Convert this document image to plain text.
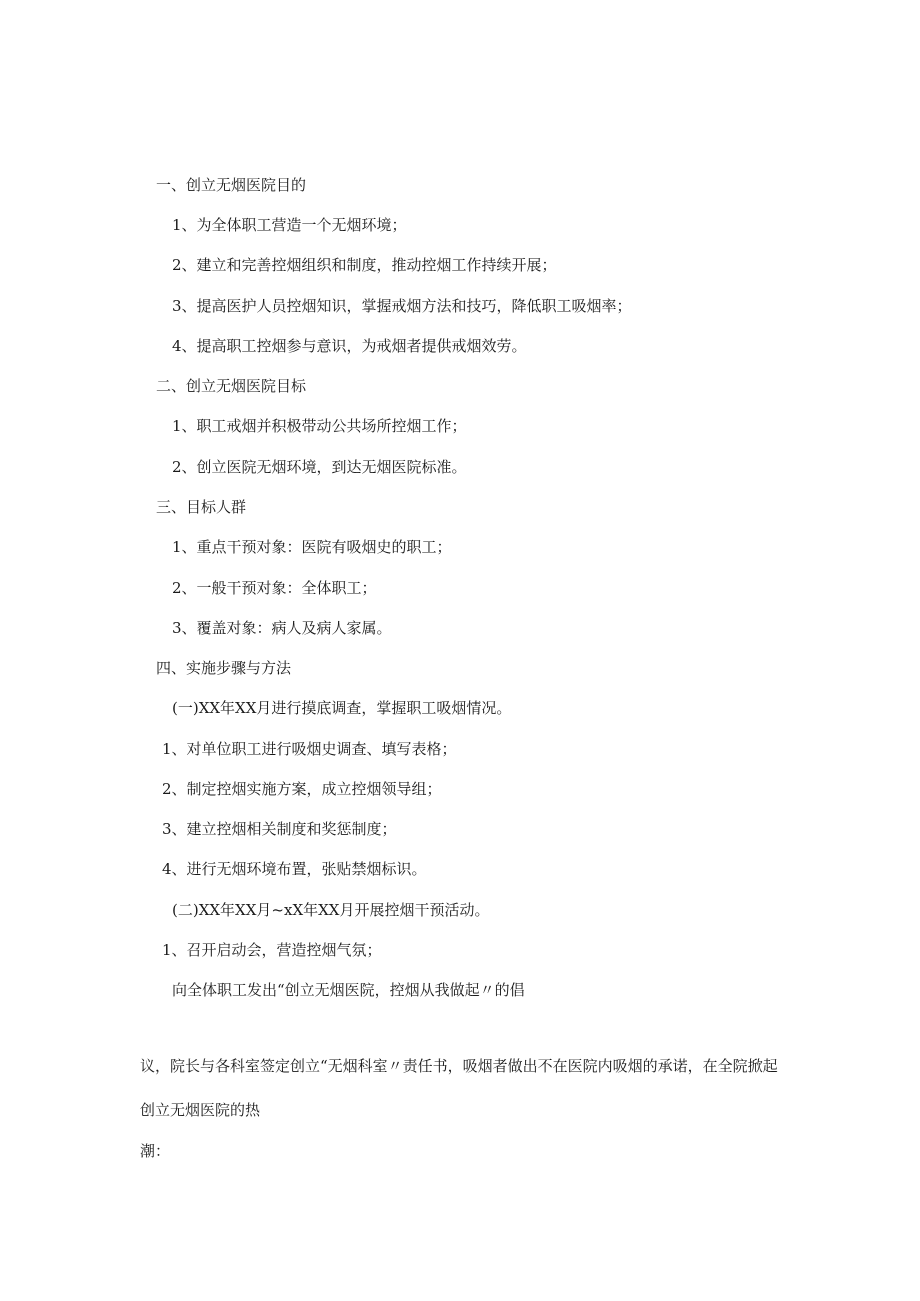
一、创立无烟医院目的

1、为全体职工营造一个无烟环境；

2、建立和完善控烟组织和制度，推动控烟工作持续开展；

3、提高医护人员控烟知识，掌握戒烟方法和技巧，降低职工吸烟率；

4、提高职工控烟参与意识，为戒烟者提供戒烟效劳。

二、创立无烟医院目标

1、职工戒烟并积极带动公共场所控烟工作；

2、创立医院无烟环境，到达无烟医院标准。

三、目标人群

1、重点干预对象：医院有吸烟史的职工；

2、一般干预对象：全体职工；

3、覆盖对象：病人及病人家属。

四、实施步骤与方法

(一)XX年XX月进行摸底调查，掌握职工吸烟情况。

1、对单位职工进行吸烟史调查、填写表格；

2、制定控烟实施方案，成立控烟领导组；

3、建立控烟相关制度和奖惩制度；

4、进行无烟环境布置，张贴禁烟标识。

(二)XX年XX月~xX年XX月开展控烟干预活动。

1、召开启动会，营造控烟气氛；

向全体职工发出“创立无烟医院，控烟从我做起〃的倡

议，院长与各科室签定创立“无烟科室〃责任书，吸烟者做出不在医院内吸烟的承诺，在全院掀起

创立无烟医院的热

潮：
